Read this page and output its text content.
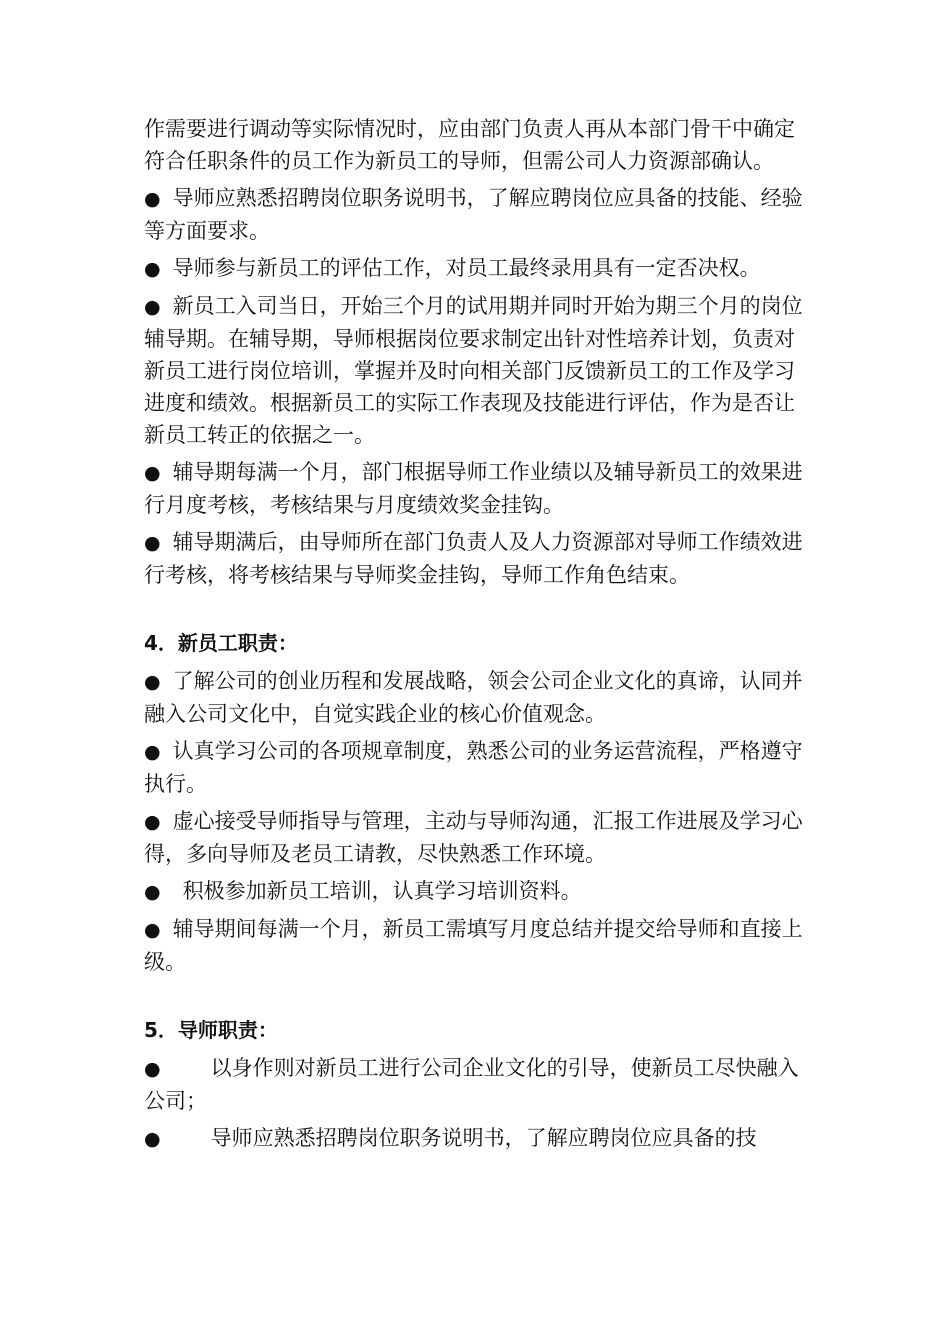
作需要进行调动等实际情况时，应由部门负责人再从本部门骨干中确定符合任职条件的员工作为新员工的导师，但需公司人力资源部确认。

● 导师应熟悉招聘岗位职务说明书，了解应聘岗位应具备的技能、经验等方面要求。
● 导师参与新员工的评估工作，对员工最终录用具有一定否决权。
● 新员工入司当日，开始三个月的试用期并同时开始为期三个月的岗位辅导期。在辅导期，导师根据岗位要求制定出针对性培养计划，负责对新员工进行岗位培训，掌握并及时向相关部门反馈新员工的工作及学习进度和绩效。根据新员工的实际工作表现及技能进行评估，作为是否让新员工转正的依据之一。
● 辅导期每满一个月，部门根据导师工作业绩以及辅导新员工的效果进行月度考核，考核结果与月度绩效奖金挂钩。
● 辅导期满后，由导师所在部门负责人及人力资源部对导师工作绩效进行考核，将考核结果与导师奖金挂钩，导师工作角色结束。
4．新员工职责：
● 了解公司的创业历程和发展战略，领会公司企业文化的真谛，认同并融入公司文化中，自觉实践企业的核心价值观念。
● 认真学习公司的各项规章制度，熟悉公司的业务运营流程，严格遵守执行。
● 虚心接受导师指导与管理，主动与导师沟通，汇报工作进展及学习心得，多向导师及老员工请教，尽快熟悉工作环境。
● 积极参加新员工培训，认真学习培训资料。
● 辅导期间每满一个月，新员工需填写月度总结并提交给导师和直接上级。
5．导师职责：
● 以身作则对新员工进行公司企业文化的引导，使新员工尽快融入公司；
● 导师应熟悉招聘岗位职务说明书，了解应聘岗位应具备的技
